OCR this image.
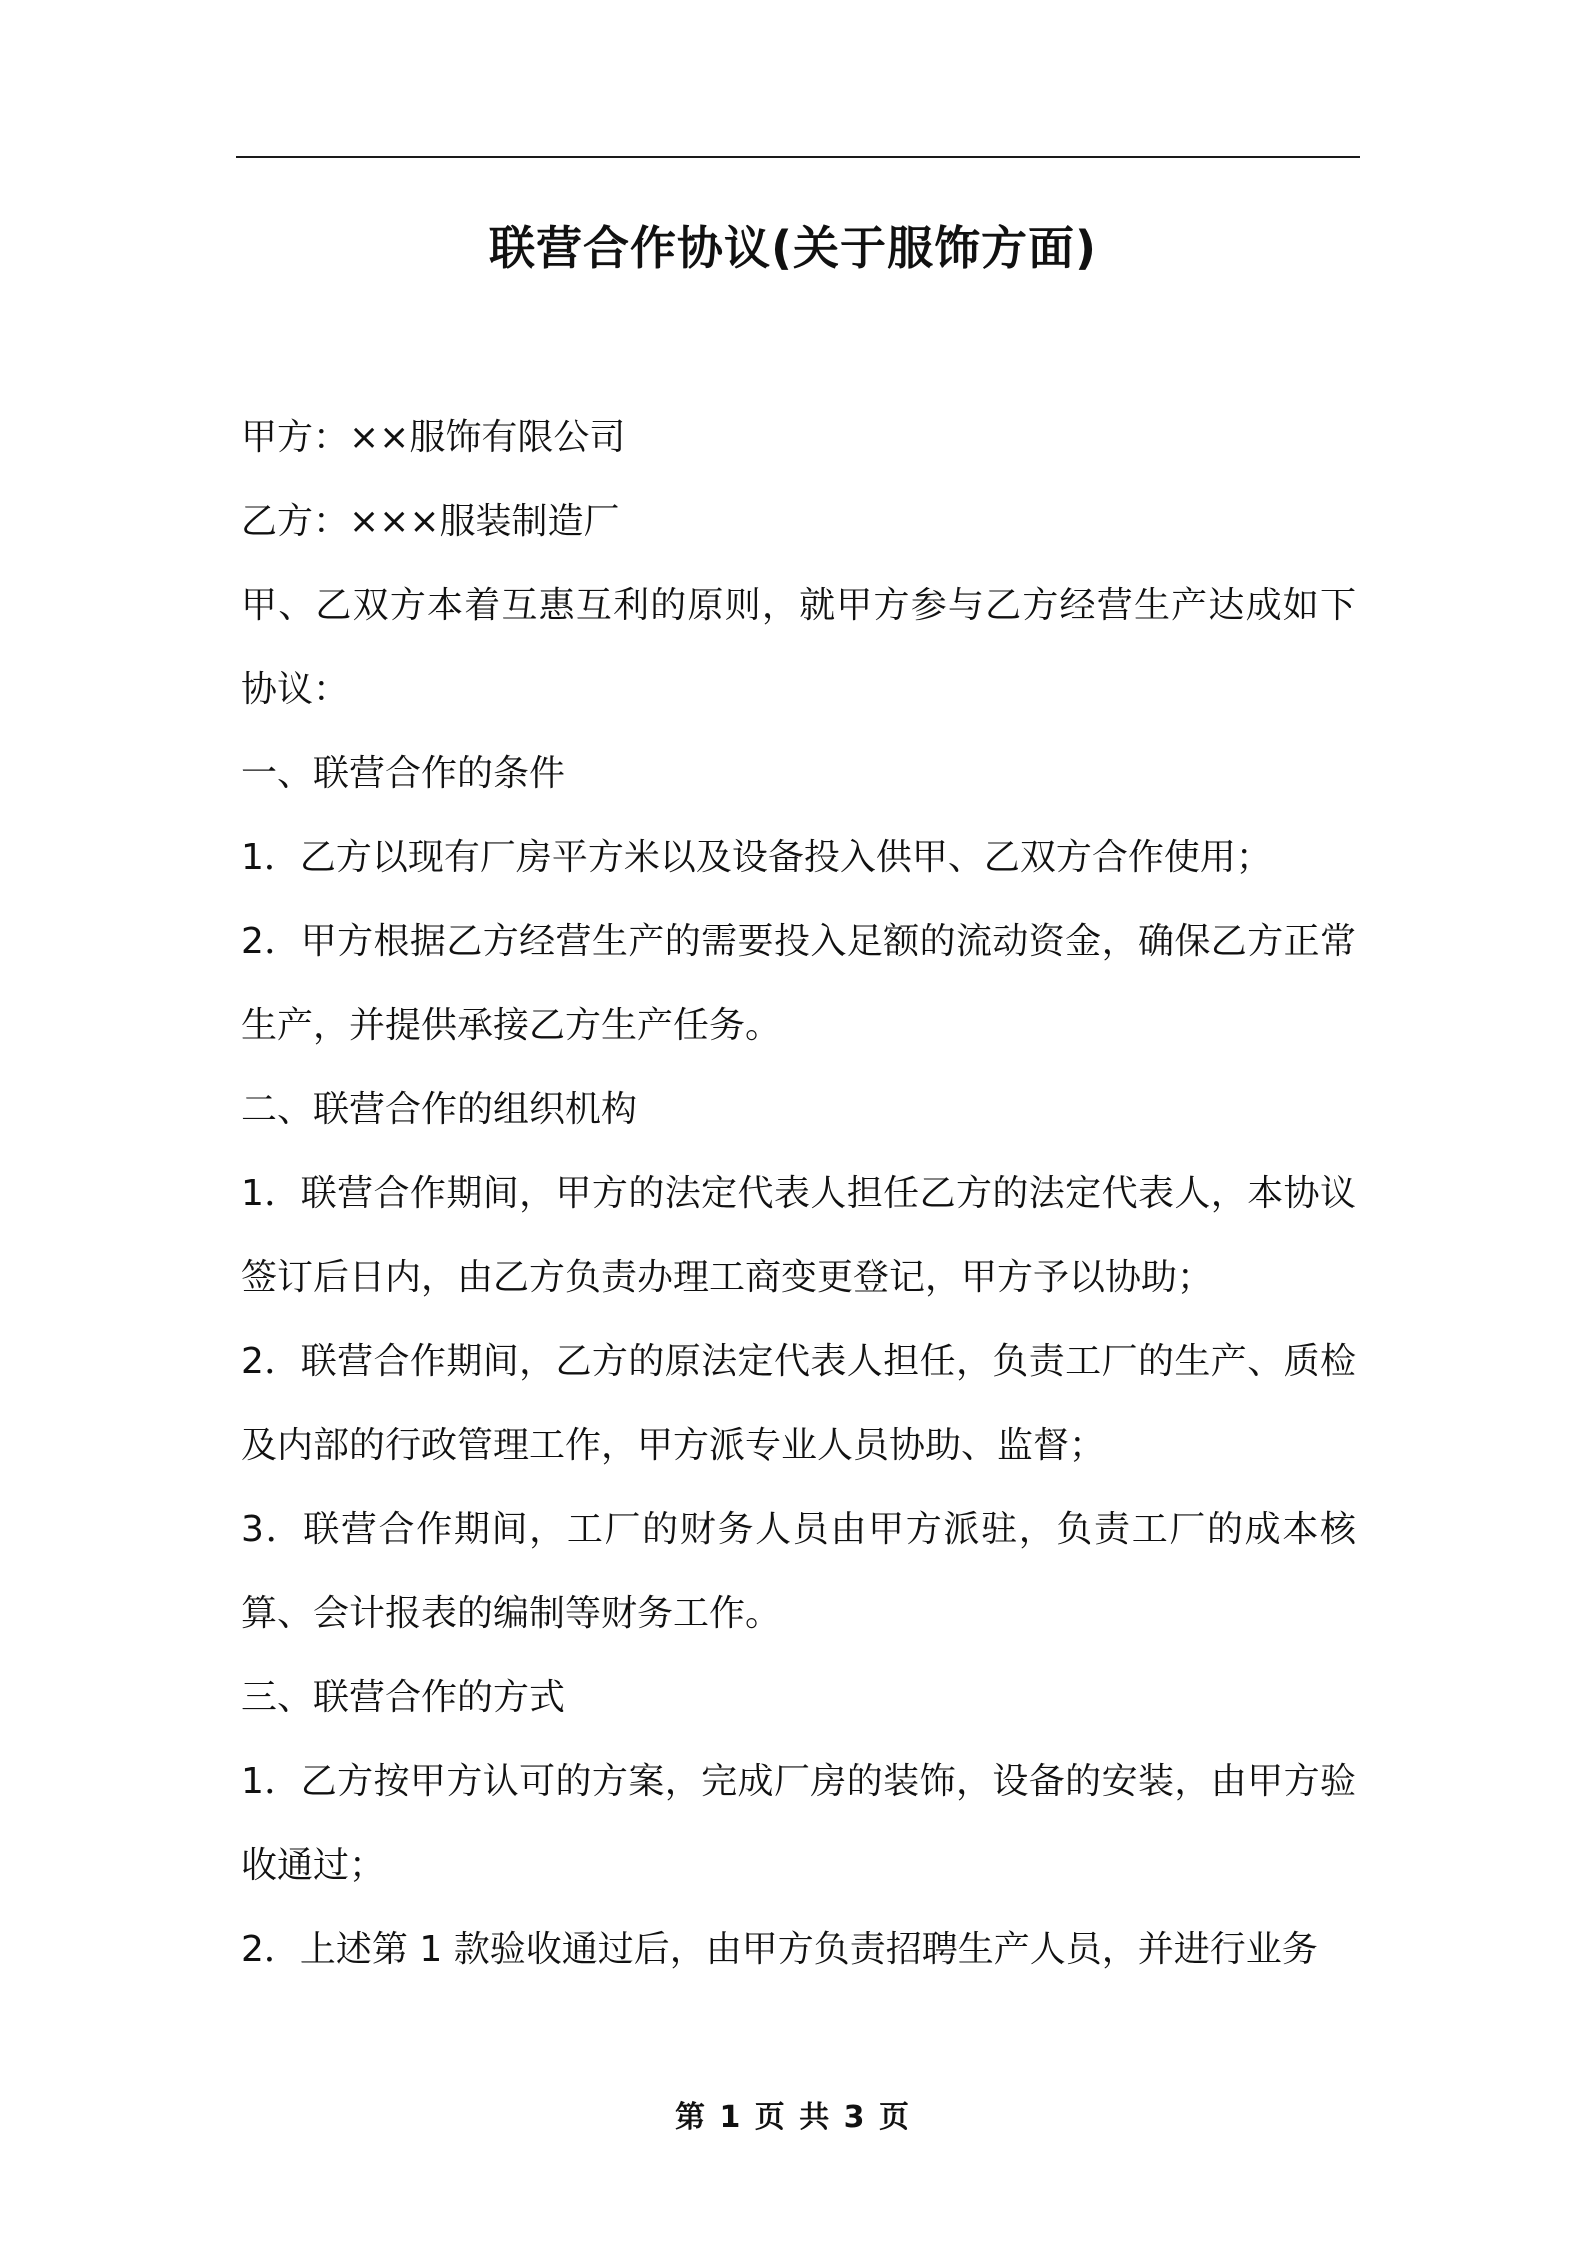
联营合作协议(关于服饰方面)

甲方：××服饰有限公司

乙方：×××服装制造厂

甲、乙双方本着互惠互利的原则，就甲方参与乙方经营生产达成如下协议：

一、联营合作的条件

1．乙方以现有厂房平方米以及设备投入供甲、乙双方合作使用；

2．甲方根据乙方经营生产的需要投入足额的流动资金，确保乙方正常生产，并提供承接乙方生产任务。

二、联营合作的组织机构

1．联营合作期间，甲方的法定代表人担任乙方的法定代表人，本协议签订后日内，由乙方负责办理工商变更登记，甲方予以协助；

2．联营合作期间，乙方的原法定代表人担任，负责工厂的生产、质检及内部的行政管理工作，甲方派专业人员协助、监督；

3．联营合作期间，工厂的财务人员由甲方派驻，负责工厂的成本核算、会计报表的编制等财务工作。

三、联营合作的方式

1．乙方按甲方认可的方案，完成厂房的装饰，设备的安装，由甲方验收通过；

2．上述第 1 款验收通过后，由甲方负责招聘生产人员，并进行业务

第 1 页 共 3 页
